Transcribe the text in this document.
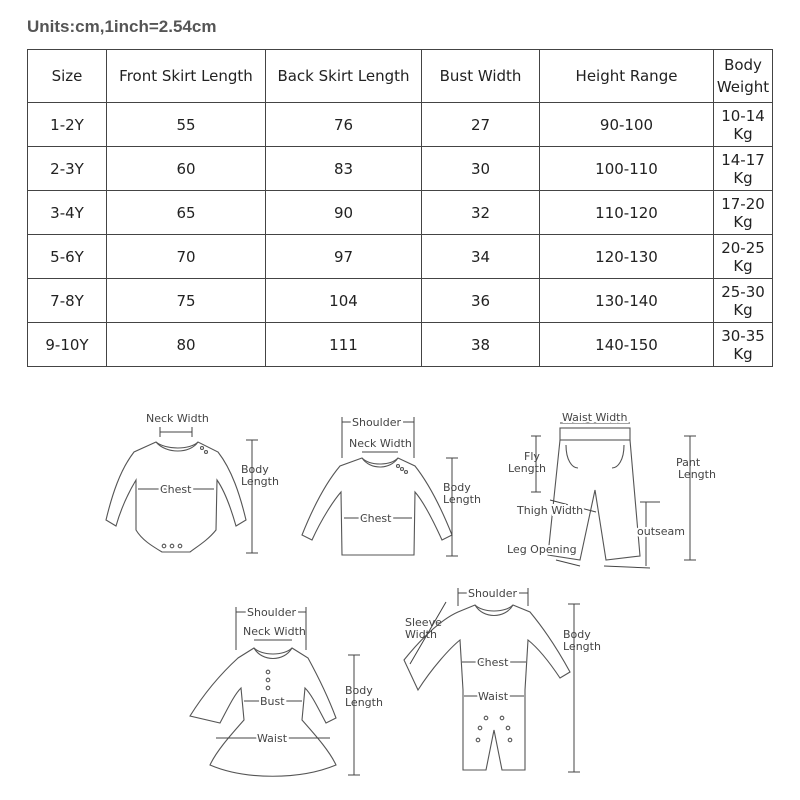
Units:cm,1inch=2.54cm
Size	Front Skirt Length	Back Skirt Length	Bust Width	Height Range	Body Weight
1-2Y	55	76	27	90-100	10-14 Kg
2-3Y	60	83	30	100-110	14-17 Kg
3-4Y	65	90	32	110-120	17-20 Kg
5-6Y	70	97	34	120-130	20-25 Kg
7-8Y	75	104	36	130-140	25-30 Kg
9-10Y	80	111	38	140-150	30-35 Kg
Neck Width
Chest
Body
Length
Shoulder
Neck Width
Chest
Body
Length
Waist Width
Fly
Length	Pant
Length
Thigh Width
outseam
Leg Opening
Shoulder
Neck Width
Bust
Waist
Body
Length
Shoulder
Sleeve
Width
Chest
Waist
Body
Length
